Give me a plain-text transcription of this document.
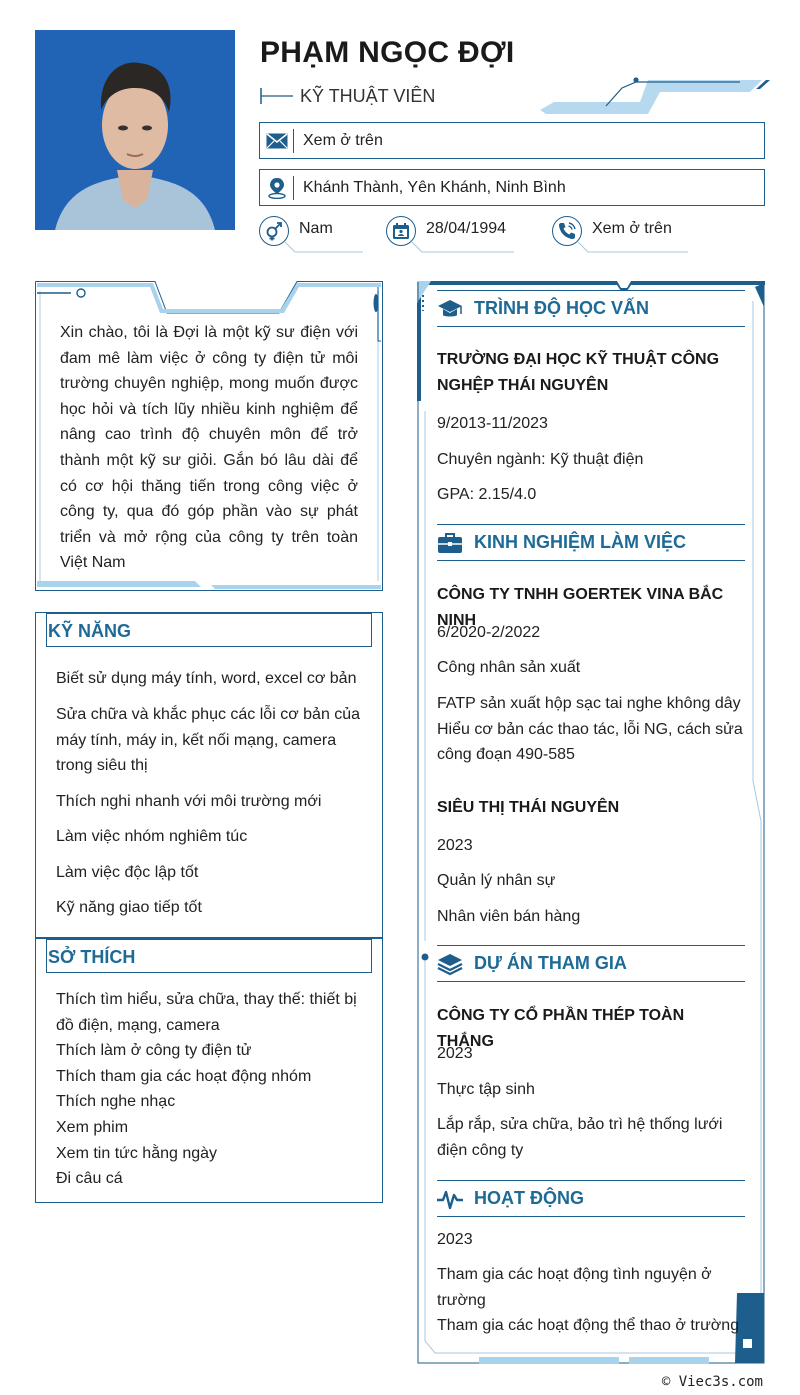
PHẠM NGỌC ĐỢI
KỸ THUẬT VIÊN
Xem ở trên
Khánh Thành, Yên Khánh, Ninh Bình
Nam	28/04/1994	Xem ở trên
Xin chào, tôi là Đợi là một kỹ sư điện với đam mê làm việc ở công ty điện tử môi trường chuyên nghiệp, mong muốn được học hỏi và tích lũy nhiều kinh nghiệm để nâng cao trình độ chuyên môn để trở thành một kỹ sư giỏi. Gắn bó lâu dài để có cơ hội thăng tiến trong công việc ở công ty, qua đó góp phần vào sự phát triển và mở rộng của công ty trên toàn Việt Nam
KỸ NĂNG
Biết sử dụng máy tính, word, excel cơ bản
Sửa chữa và khắc phục các lỗi cơ bản của máy tính, máy in, kết nối mạng, camera trong siêu thị
Thích nghi nhanh với môi trường mới
Làm việc nhóm nghiêm túc
Làm việc độc lập tốt
Kỹ năng giao tiếp tốt
SỞ THÍCH
Thích tìm hiểu, sửa chữa, thay thế: thiết bị đồ điện, mạng, camera
Thích làm ở công ty điện tử
Thích tham gia các hoạt động nhóm
Thích nghe nhạc
Xem phim
Xem tin tức hằng ngày
Đi câu cá
TRÌNH ĐỘ HỌC VẤN
TRƯỜNG ĐẠI HỌC KỸ THUẬT CÔNG NGHỆP THÁI NGUYÊN
9/2013-11/2023
Chuyên ngành: Kỹ thuật điện
GPA: 2.15/4.0
KINH NGHIỆM LÀM VIỆC
CÔNG TY TNHH GOERTEK VINA BẮC NINH
6/2020-2/2022
Công nhân sản xuất
FATP sản xuất hộp sạc tai nghe không dây
Hiểu cơ bản các thao tác, lỗi NG, cách sửa công đoạn 490-585
SIÊU THỊ THÁI NGUYÊN
2023
Quản lý nhân sự
Nhân viên bán hàng
DỰ ÁN THAM GIA
CÔNG TY CỔ PHẦN THÉP TOÀN THẮNG
2023
Thực tập sinh
Lắp rắp, sửa chữa, bảo trì hệ thống lưới điện công ty
HOẠT ĐỘNG
2023
Tham gia các hoạt động tình nguyện ở trường
Tham gia các hoạt động thể thao ở trường
© Viec3s.com
